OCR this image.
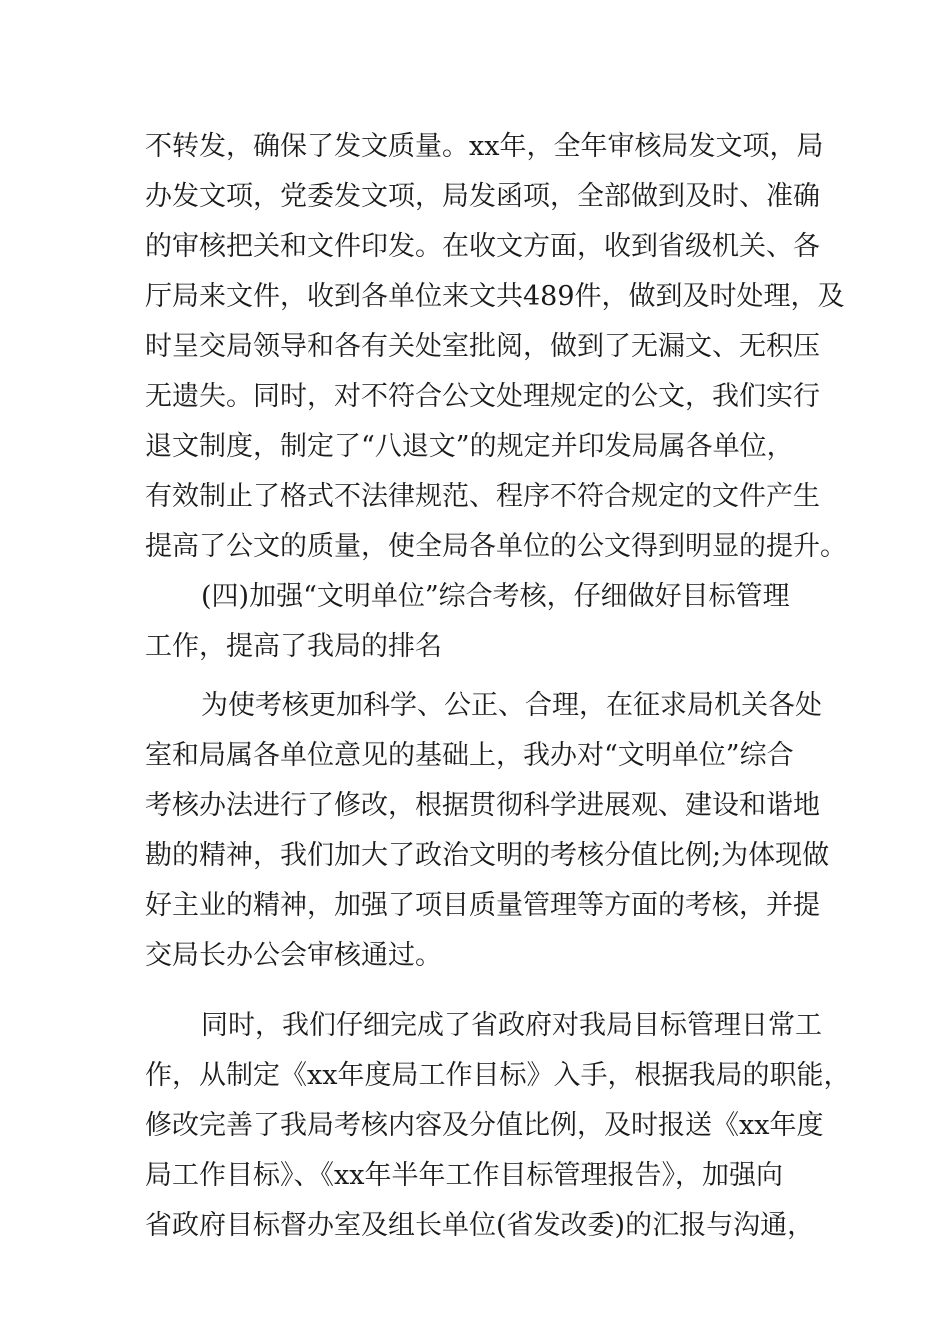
不转发，确保了发文质量。xx年，全年审核局发文项，局
办发文项，党委发文项，局发函项，全部做到及时、准确
的审核把关和文件印发。在收文方面，收到省级机关、各
厅局来文件，收到各单位来文共489件，做到及时处理，及
时呈交局领导和各有关处室批阅，做到了无漏文、无积压
无遗失。同时，对不符合公文处理规定的公文，我们实行
退文制度，制定了“八退文”的规定并印发局属各单位，
有效制止了格式不法律规范、程序不符合规定的文件产生
提高了公文的质量，使全局各单位的公文得到明显的提升。
(四)加强“文明单位”综合考核，仔细做好目标管理
工作，提高了我局的排名
为使考核更加科学、公正、合理，在征求局机关各处
室和局属各单位意见的基础上，我办对“文明单位”综合
考核办法进行了修改，根据贯彻科学进展观、建设和谐地
勘的精神，我们加大了政治文明的考核分值比例;为体现做
好主业的精神，加强了项目质量管理等方面的考核，并提
交局长办公会审核通过。
同时，我们仔细完成了省政府对我局目标管理日常工
作，从制定《xx年度局工作目标》入手，根据我局的职能，
修改完善了我局考核内容及分值比例，及时报送《xx年度
局工作目标》、《xx年半年工作目标管理报告》，加强向
省政府目标督办室及组长单位(省发改委)的汇报与沟通，
